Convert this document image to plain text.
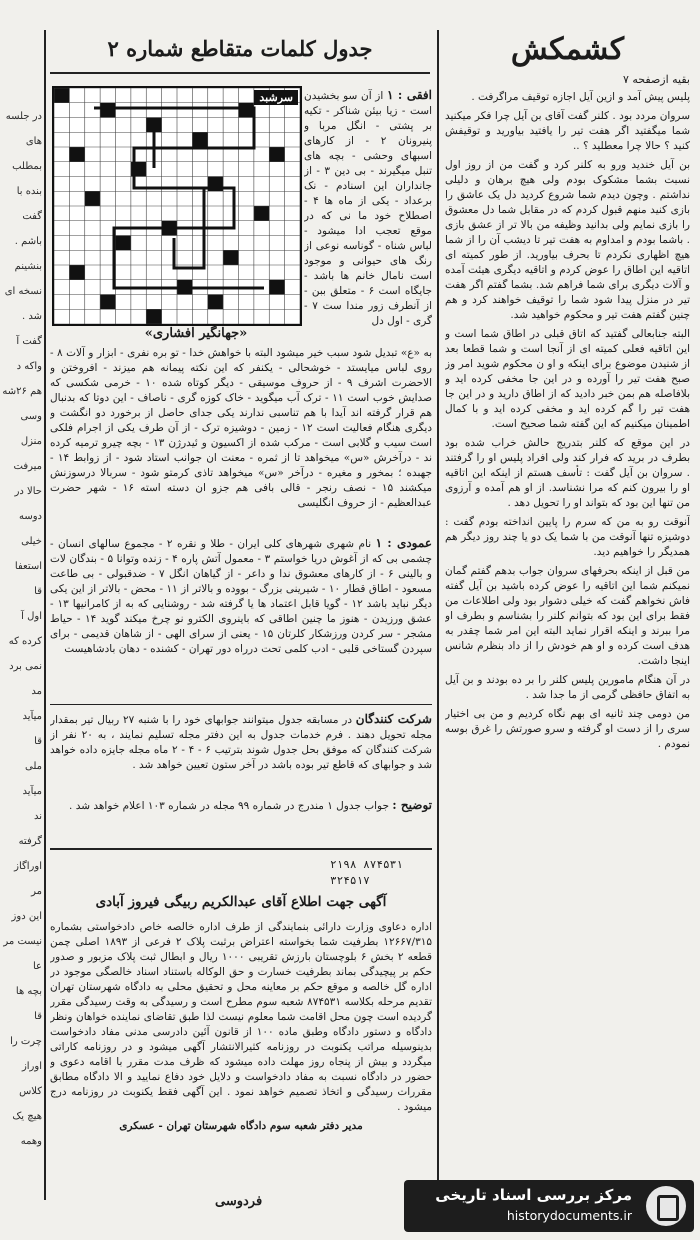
در جلسه
های
بمطلب
بنده با
گفت
باشم .
بنشینم
نسخه ای
شد .
گفت آ
واکه د
هم ۲۶شه
وسی
منزل
میرفت
حالا در
دوسه
خیلی
استعفا
قا
اول آ
کرده که
نمی برد
مد
میآید
قا
ملی
میآید
ند
گرفته
اوراگاز
مر
این دوز
نیست مر
عا
بچه ها
قا
چرت را
اوراز
کلاس
هیچ یک
وهمه
کشمکش
بقیه ازصفحه ۷

پلیس پیش آمد و ازین آیل اجازه توقیف مراگرفت .

سروان مردد بود . کلنر گفت آقای بن آیل چرا فکر میکنید شما میگفتید اگر هفت تیر را یافتید بیاورید و توقیفش کنید ؟ حالا چرا معطلید ؟ ..

بن آیل خندید ورو به کلنر کرد و گفت من از روز اول نسبت بشما مشکوک بودم ولی هیچ برهان و دلیلی نداشتم . وچون دیدم شما شروع کردید دل یک عاشق را بازی کنید منهم قبول کردم که در مقابل شما دل معشوق را بازی نمایم ولی بدانید وظیفه من بالا تر از عشق بازی . باشما بودم و امداوم به هفت تیر تا دیشب آن را از شما هیچ اظهاری نکردم تا بحرف بیاورید. از طور کمیته ای اتاقیه این اطاق را عوض کردم و اتاقیه دیگری هیئت آمده و آلات دیگری برای شما فراهم شد. بشما گفتم اگر هفت تیر در منزل پیدا شود شما را توقیف خواهند کرد و هم چنین گفتم هفت تیر و محکوم خواهید شد.

البته جنابعالی گفتید که اتاق قبلی در اطاق شما است و این اتاقیه فعلی کمیته ای از آنجا است و شما قطعا بعد از شنیدن موضوع برای اینکه و او ن محکوم شوید امر وز صبح هفت تیر را آورده و در این جا مخفی کرده اید و بلافاصله هم بمن خبر دادید که از اطاق دارید و در این جا هفت تیر را گم کرده اید و مخفی کرده اید و با کمال اطمینان میکنیم که این گفته شما صحیح است.

در این موقع که کلنر بتدریج حالش خراب شده بود بطرف در برید که فرار کند ولی افراد پلیس او را گرفتند . سروان بن آیل گفت : تأسف هستم از اینکه این اتاقیه او را بیرون کنم که مرا نشناسد. از او هم آمده و آرزوی من تنها این بود که بتواند او را تحویل دهد .

آنوقت رو به من که سرم را پایین انداخته بودم گفت : دوشیزه تنها آنوقت من با شما یک دو یا چند روز دیگر هم همدیگر را خواهیم دید.

من قبل از اینکه بحرفهای سروان جواب بدهم گفتم گمان نمیکنم شما این اتاقیه را عوض کرده باشید بن آیل گفته فاش نخواهم گفت که خیلی دشوار بود ولی اطلاعات من فقط برای این بود که بتوانم کلنر را بشناسم و بطرف او مرا ببرند و اینکه اقرار نماید البته این امر شما چقدر به هدف است کرده و او هم خودش را از داد بنظرم شانس اینجا داشت.

در آن هنگام مامورین پلیس کلنر را بر ده بودند و بن آیل به اتفاق حافظی گرمی از ما جدا شد .

من دومی چند ثانیه ای بهم نگاه کردیم و من بی اختیار سری را از دست او گرفته و سرو صورتش را غرق بوسه نمودم .

جدول کلمات متقاطع شماره ۲
سرشبد	افقی : ۱ از آن سو بخشیدن است - زیا بیئن شناکر - تکیه بر پشتی - انگل مربا و پنیرونان ۲ - از کارهای اسبهای وحشی - بچه های تنبل میگیرند - بی دین ۳ - از جانداران این اسنادم - نک برعداد - یکی از ماه ها ۴ - اصطلاح خود ما نی که در موقع تعجب ادا میشود - لباس شناه - گوناسه نوعی از رنگ های حیوانی و موجود است نامال خانم ها باشد - جایگاه است ۶ - متعلق ببن - از آنطرف زور مندا ست ۷ - گری - اول دل

«جهانگیر افشاری»

به «ع» تبدیل شود سبب خیر میشود البته با خواهش خدا - تو بره نفری - ابزار و آلات ۸ - روی لباس میایستد - خوشحالی - یکنفر که این نکته پیمانه هم میزند - افروختن و الاحضرت اشرف ۹ - از حروف موسیقی - دیگر کوتاه شده ۱۰ - خرمی شکسی که صدایش خوب است ۱۱ - ترک آب میگوید - خاک کوزه گری - ناصاف - این دوتا که بدنبال هم قرار گرفته اند آیدا با هم تناسبی ندارند یکی جدای حاصل از برخورد دو انگشت و دیگری هنگام فعالیت است ۱۲ - زمین - دوشیزه ترک - از آن طرف یکی از اجرام فلکی است سیب و گلابی است - مرکب شده از اکسیون و ئیدرژن ۱۳ - بچه چیرو ترمیه کرده ند - درآخرش «س» میخواهد تا از ثمره - معنت ان جوانب استاد شود - از زوابط ۱۴ - جهبده ؛ بمخور و مغیره - درآخر «س» میخواهد تاذی کرمتو شود - سربالا درسوزنش میکشند ۱۵ - نصف رنجر - قالی بافی هم جزو ان دسته استه ۱۶ - شهر حضرت عبدالعظیم - از حروف انگلیسی

عمودی : ۱ نام شهری شهرهای کلی ایران - طلا و نقره ۲ - مجموع سالهای انسان - چشمی بی که از آغوش دریا خواستم ۳ - معمول آتش پاره ۴ - زنده وتوانا ۵ - بندگان لات و بالینی ۶ - از کارهای معشوق ندا و داعر - از گیاهان انگل ۷ - ضدقبولی - بی طاعت مسعود - اطاق قطار ۱۰ - شیرینی بزرگ - بووده و بالاتر از ۱۱ - محض - بالاتر از این یکی دیگر نباید باشد ۱۲ - گویا قابل اعتماد ها یا گرفته شد - روشنایی که به از کامرانیها ۱۳ - عشق ورزیدن - هنوز ما چنین اطاقی که باینروی الکترو نو چرخ میکند گوید ۱۴ - حیاط مشجر - سر کردن ورزشکار کلرتان ۱۵ - یعنی از سرای الهی - از شاهان قدیمی - برای سپردن گستاخی قلبی - ادب کلمی تحت درراه دور تهران - کشنده - دهان بادشاهیست

شرکت کنندگان در مسابقه جدول میتوانند جوابهای خود را با شنبه ۲۷ ربیال تیر بمقدار مجله تحویل دهند . فرم خدمات جدول به این دفتر مجله تسلیم نمایند ، به ۲۰ نفر از شرکت کنندگان که موفق بحل جدول شوند بترتیب ۶ - ۴ - ۲ ماه مجله جایزه داده خواهد شد و جوابهای که قاطع تیر بوده باشد در آخر ستون تعیین خواهد شد .

توضیح : جواب جدول ۱ مندرج در شماره ۹۹ مجله در شماره ۱۰۳ اعلام خواهد شد .

۲۱۹۸ ۸۷۴۵۳۱
۳۲۴۵۱۷
آگهی جهت اطلاع آقای عبدالکریم ربیگی فیروز آبادی

اداره دعاوی وزارت دارائی بنمایندگی از طرف اداره خالصه خاص دادخواستی بشماره ۱۲۶۶۷/۳۱۵ بطرفیت شما بخواسته اعتراض برثبت پلاک ۲ فرعی از ۱۸۹۳ اصلی چمن قطعه ۲ بخش ۶ بلوچستان بارزش تقریبی ۱۰۰۰ ریال و ابطال ثبت پلاک مزبور و صدور حکم بر پیچیدگی بماند بطرفیت خسارت و حق الوکاله باستناد اسناد خالصگی موجود در اداره گل خالصه و موقع حکم بر معاینه محل و تحقیق محلی به دادگاه شهرستان تهران تقدیم مرحله بکلاسه ۸۷۴۵۳۱ شعبه سوم مطرح است و رسیدگی به وقت رسیدگی مقرر گردیده است چون محل اقامت شما معلوم نیست لذا طبق تقاضای نماینده خواهان ونظر دادگاه و دستور دادگاه وطبق ماده ۱۰۰ از قانون آئین دادرسی مدنی مفاد دادخواست بدینوسیله مراتب یکنوبت در روزنامه کثیرالانتشار آگهی میشود و در روزنامه کاراتی میگردد و بیش از پنجاه روز مهلت داده میشود که ظرف مدت مقرر با اقامه دعوی و حضور در دادگاه نسبت به مفاد دادخواست و دلایل خود دفاع نمایید و الا دادگاه مطابق مقررات رسیدگی و اتخاذ تصمیم خواهد نمود . این آگهی فقط یکنوبت در روزنامه درج میشود .

مدیر دفتر شعبه سوم دادگاه شهرستان تهران - عسکری

فردوسی	مرکز بررسی اسناد تاریخی
historydocuments.ir
